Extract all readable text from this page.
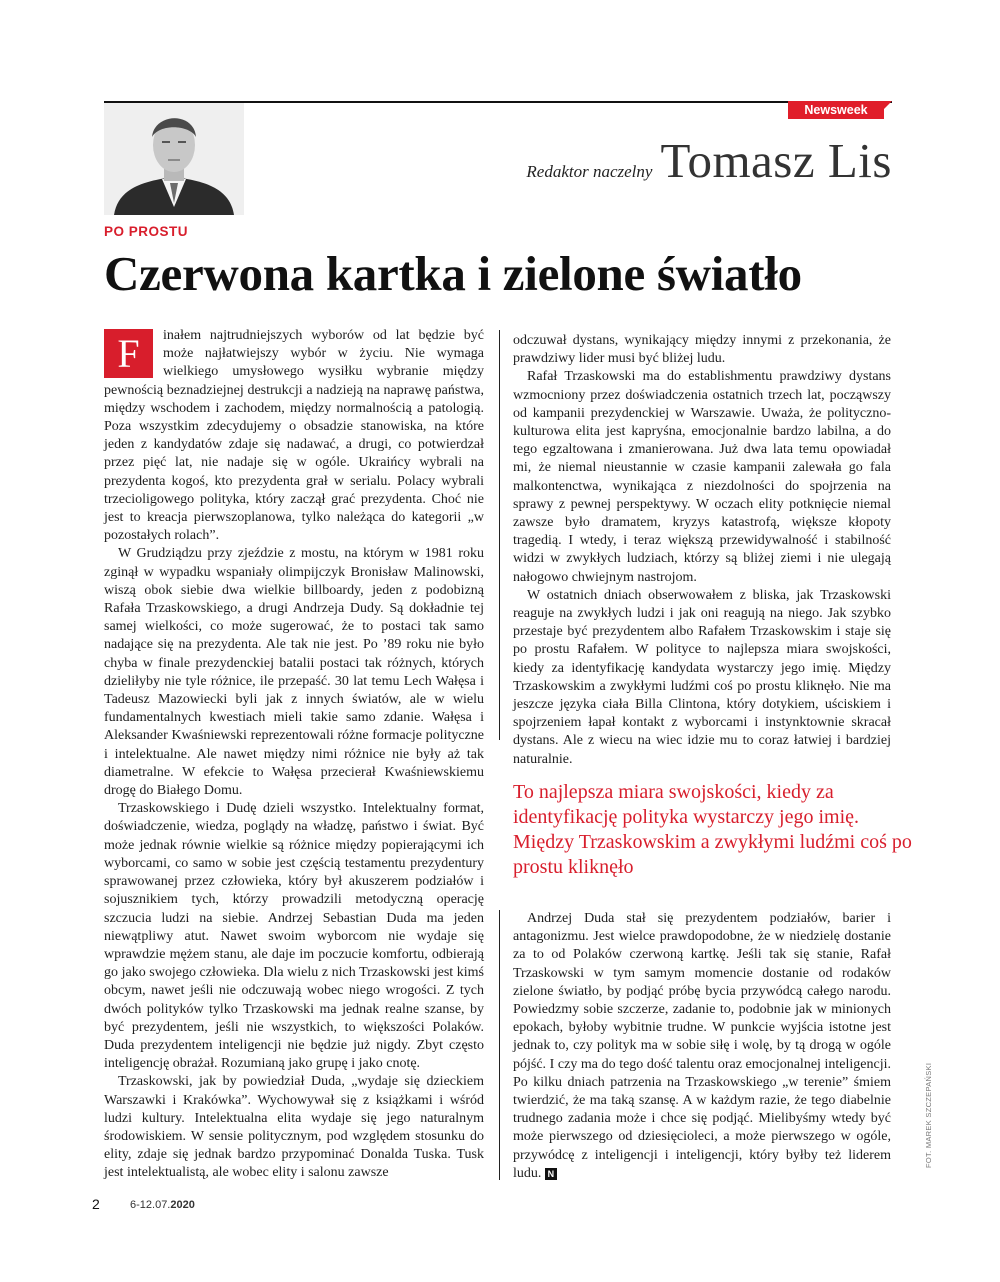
Newsweek
Redaktor naczelny Tomasz Lis
PO PROSTU
Czerwona kartka i zielone światło

F	inałem najtrudniejszych wyborów od lat będzie być może najłatwiejszy wybór w życiu. Nie wymaga wielkiego umysłowego wysiłku wybranie między pewnością beznadziejnej destrukcji a nadzieją na naprawę państwa, między wschodem i zachodem, między normalnością a patologią. Poza wszystkim zdecydujemy o obsadzie stanowiska, na które jeden z kandydatów zdaje się nadawać, a drugi, co potwierdzał przez pięć lat, nie nadaje się w ogóle. Ukraińcy wybrali na prezydenta kogoś, kto prezydenta grał w serialu. Polacy wybrali trzecioligowego polityka, który zaczął grać prezydenta. Choć nie jest to kreacja pierwszoplanowa, tylko należąca do kategorii „w pozostałych rolach”.

W Grudziądzu przy zjeździe z mostu, na którym w 1981 roku zginął w wypadku wspaniały olimpijczyk Bronisław Malinowski, wiszą obok siebie dwa wielkie billboardy, jeden z podobizną Rafała Trzaskowskiego, a drugi Andrzeja Dudy. Są dokładnie tej samej wielkości, co może sugerować, że to postaci tak samo nadające się na prezydenta. Ale tak nie jest. Po ’89 roku nie było chyba w finale prezydenckiej batalii postaci tak różnych, których dzieliłyby nie tyle różnice, ile przepaść. 30 lat temu Lech Wałęsa i Tadeusz Mazowiecki byli jak z innych światów, ale w wielu fundamentalnych kwestiach mieli takie samo zdanie. Wałęsa i Aleksander Kwaśniewski reprezentowali różne formacje polityczne i intelektualne. Ale nawet między nimi różnice nie były aż tak diametralne. W efekcie to Wałęsa przecierał Kwaśniewskiemu drogę do Białego Domu.

Trzaskowskiego i Dudę dzieli wszystko. Intelektualny format, doświadczenie, wiedza, poglądy na władzę, państwo i świat. Być może jednak równie wielkie są różnice między popierającymi ich wyborcami, co samo w sobie jest częścią testamentu prezydentury sprawowanej przez człowieka, który był akuszerem podziałów i sojusznikiem tych, którzy prowadzili metodyczną operację szczucia ludzi na siebie. Andrzej Sebastian Duda ma jeden niewątpliwy atut. Nawet swoim wyborcom nie wydaje się wprawdzie mężem stanu, ale daje im poczucie komfortu, odbierają go jako swojego człowieka. Dla wielu z nich Trzaskowski jest kimś obcym, nawet jeśli nie odczuwają wobec niego wrogości. Z tych dwóch polityków tylko Trzaskowski ma jednak realne szanse, by być prezydentem, jeśli nie wszystkich, to większości Polaków. Duda prezydentem inteligencji nie będzie już nigdy. Zbyt często inteligencję obrażał. Rozumianą jako grupę i jako cnotę.

Trzaskowski, jak by powiedział Duda, „wydaje się dzieckiem Warszawki i Krakówka”. Wychowywał się z książkami i wśród ludzi kultury. Intelektualna elita wydaje się jego naturalnym środowiskiem. W sensie politycznym, pod względem stosunku do elity, zdaje się jednak bardzo przypominać Donalda Tuska. Tusk jest intelektualistą, ale wobec elity i salonu zawsze

odczuwał dystans, wynikający między innymi z przekonania, że prawdziwy lider musi być bliżej ludu.

Rafał Trzaskowski ma do establishmentu prawdziwy dystans wzmocniony przez doświadczenia ostatnich trzech lat, począwszy od kampanii prezydenckiej w Warszawie. Uważa, że polityczno-kulturowa elita jest kapryśna, emocjonalnie bardzo labilna, a do tego egzaltowana i zmanierowana. Już dwa lata temu opowiadał mi, że niemal nieustannie w czasie kampanii zalewała go fala malkontenctwa, wynikająca z niezdolności do spojrzenia na sprawy z pewnej perspektywy. W oczach elity potknięcie niemal zawsze było dramatem, kryzys katastrofą, większe kłopoty tragedią. I wtedy, i teraz większą przewidywalność i stabilność widzi w zwykłych ludziach, którzy są bliżej ziemi i nie ulegają nałogowo chwiejnym nastrojom.

W ostatnich dniach obserwowałem z bliska, jak Trzaskowski reaguje na zwykłych ludzi i jak oni reagują na niego. Jak szybko przestaje być prezydentem albo Rafałem Trzaskowskim i staje się po prostu Rafałem. W polityce to najlepsza miara swojskości, kiedy za identyfikację kandydata wystarczy jego imię. Między Trzaskowskim a zwykłymi ludźmi coś po prostu kliknęło. Nie ma jeszcze języka ciała Billa Clintona, który dotykiem, uściskiem i spojrzeniem łapał kontakt z wyborcami i instynktownie skracał dystans. Ale z wiecu na wiec idzie mu to coraz łatwiej i bardziej naturalnie.

To najlepsza miara swojskości, kiedy za identyfikację polityka wystarczy jego imię. Między Trzaskowskim a zwykłymi ludźmi coś po prostu kliknęło

Andrzej Duda stał się prezydentem podziałów, barier i antagonizmu. Jest wielce prawdopodobne, że w niedzielę dostanie za to od Polaków czerwoną kartkę. Jeśli tak się stanie, Rafał Trzaskowski w tym samym momencie dostanie od rodaków zielone światło, by podjąć próbę bycia przywódcą całego narodu. Powiedzmy sobie szczerze, zadanie to, podobnie jak w minionych epokach, byłoby wybitnie trudne. W punkcie wyjścia istotne jest jednak to, czy polityk ma w sobie siłę i wolę, by tą drogą w ogóle pójść. I czy ma do tego dość talentu oraz emocjonalnej inteligencji. Po kilku dniach patrzenia na Trzaskowskiego „w terenie” śmiem twierdzić, że ma taką szansę. A w każdym razie, że tego diabelnie trudnego zadania może i chce się podjąć. Mielibyśmy wtedy być może pierwszego od dziesięcioleci, a może pierwszego w ogóle, przywódcę z inteligencji i inteligencji, który byłby też liderem ludu. N

2	6-12.07.2020
FOT. MAREK SZCZEPAŃSKI
